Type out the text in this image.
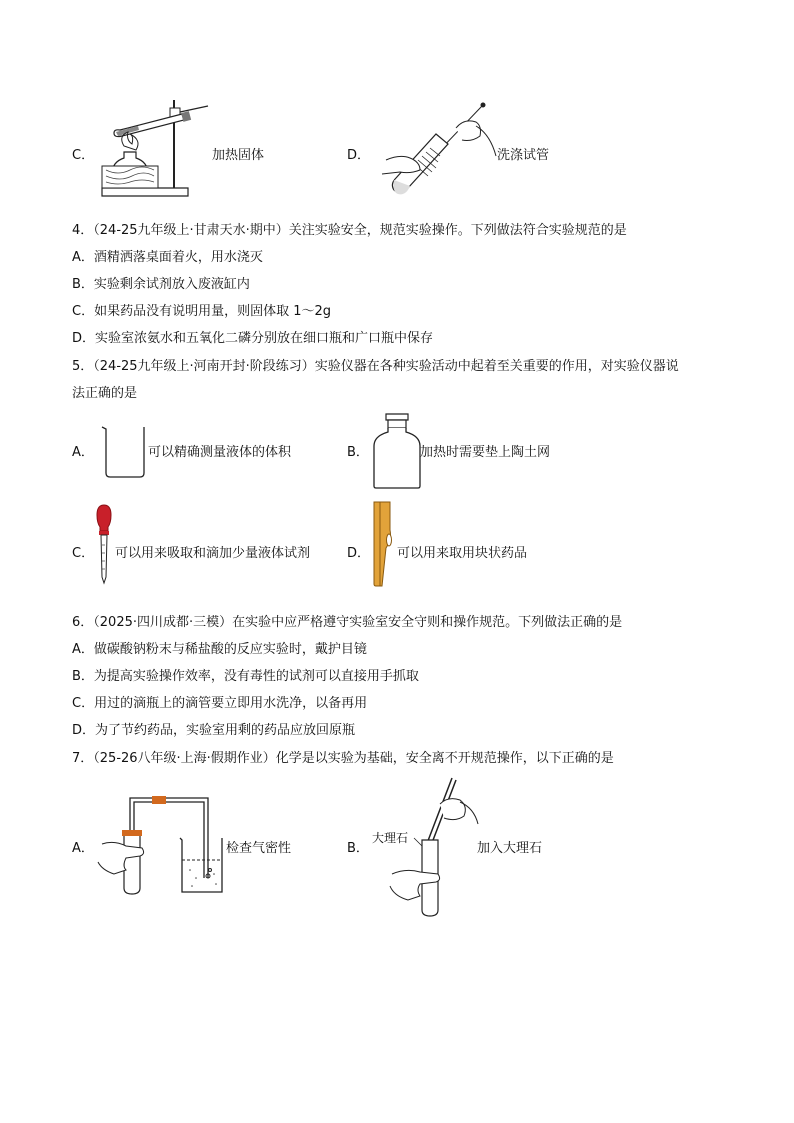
C．	加热固体	D．	洗涤试管
4．（24-25九年级上·甘肃天水·期中）关注实验安全，规范实验操作。下列做法符合实验规范的是
A．酒精洒落桌面着火，用水浇灭
B．实验剩余试剂放入废液缸内
C．如果药品没有说明用量，则固体取 1～2g
D．实验室浓氨水和五氧化二磷分别放在细口瓶和广口瓶中保存
5．（24-25九年级上·河南开封·阶段练习）实验仪器在各种实验活动中起着至关重要的作用，对实验仪器说
法正确的是
A．	可以精确测量液体的体积	B．	加热时需要垫上陶土网
C． 可以用来吸取和滴加少量液体试剂	D． 可以用来取用块状药品
6．（2025·四川成都·三模）在实验中应严格遵守实验室安全守则和操作规范。下列做法正确的是
A．做碳酸钠粉末与稀盐酸的反应实验时，戴护目镜
B．为提高实验操作效率，没有毒性的试剂可以直接用手抓取
C．用过的滴瓶上的滴管要立即用水洗净，以备再用
D．为了节约药品，实验室用剩的药品应放回原瓶
7．（25-26八年级·上海·假期作业）化学是以实验为基础，安全离不开规范操作，以下正确的是
A．	检查气密性	B．
大理石
加入大理石
